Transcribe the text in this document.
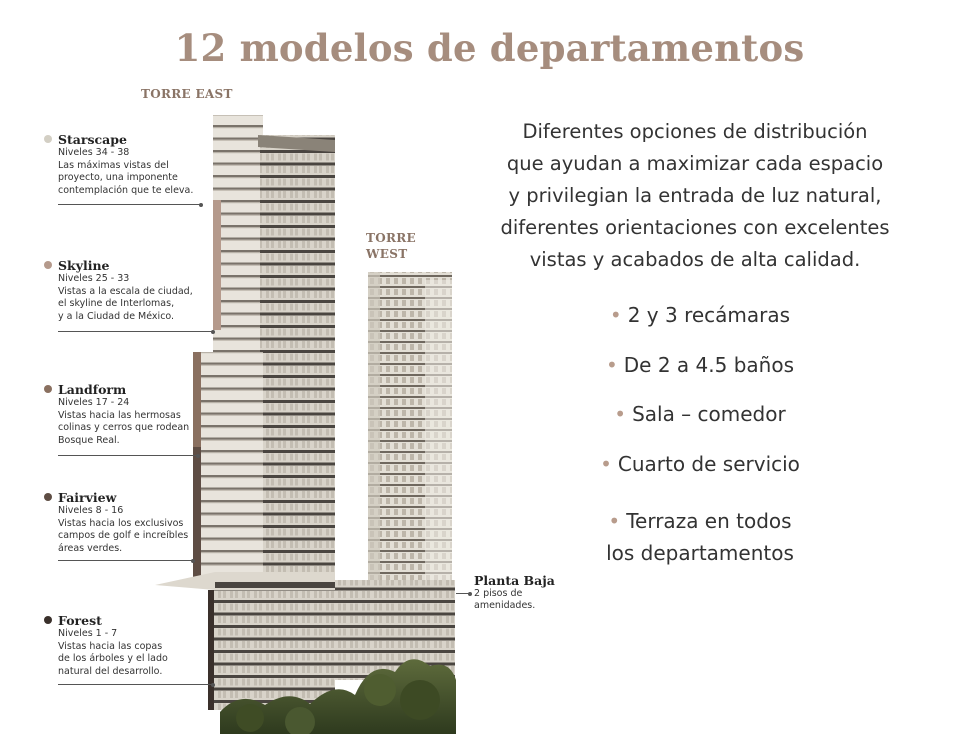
12 modelos de departamentos
TORRE EAST
TORRE
WEST
Starscape
Niveles 34 - 38
Las máximas vistas del
proyecto, una imponente
contemplación que te eleva.
Skyline
Niveles 25 - 33
Vistas a la escala de ciudad,
el skyline de Interlomas,
y a la Ciudad de México.
Landform
Niveles 17 - 24
Vistas hacia las hermosas
colinas y cerros que rodean
Bosque Real.
Fairview
Niveles 8 - 16
Vistas hacia los exclusivos
campos de golf e increíbles
áreas verdes.
Forest
Niveles 1 - 7
Vistas hacia las copas
de los árboles y el lado
natural del desarrollo.
Planta Baja
2 pisos de
amenidades.
Diferentes opciones de distribución
que ayudan a maximizar cada espacio
y privilegian la entrada de luz natural,
diferentes orientaciones con excelentes
vistas y acabados de alta calidad.
• 2 y 3 recámaras
• De 2 a 4.5 baños
• Sala – comedor
• Cuarto de servicio
• Terraza en todos
los departamentos
